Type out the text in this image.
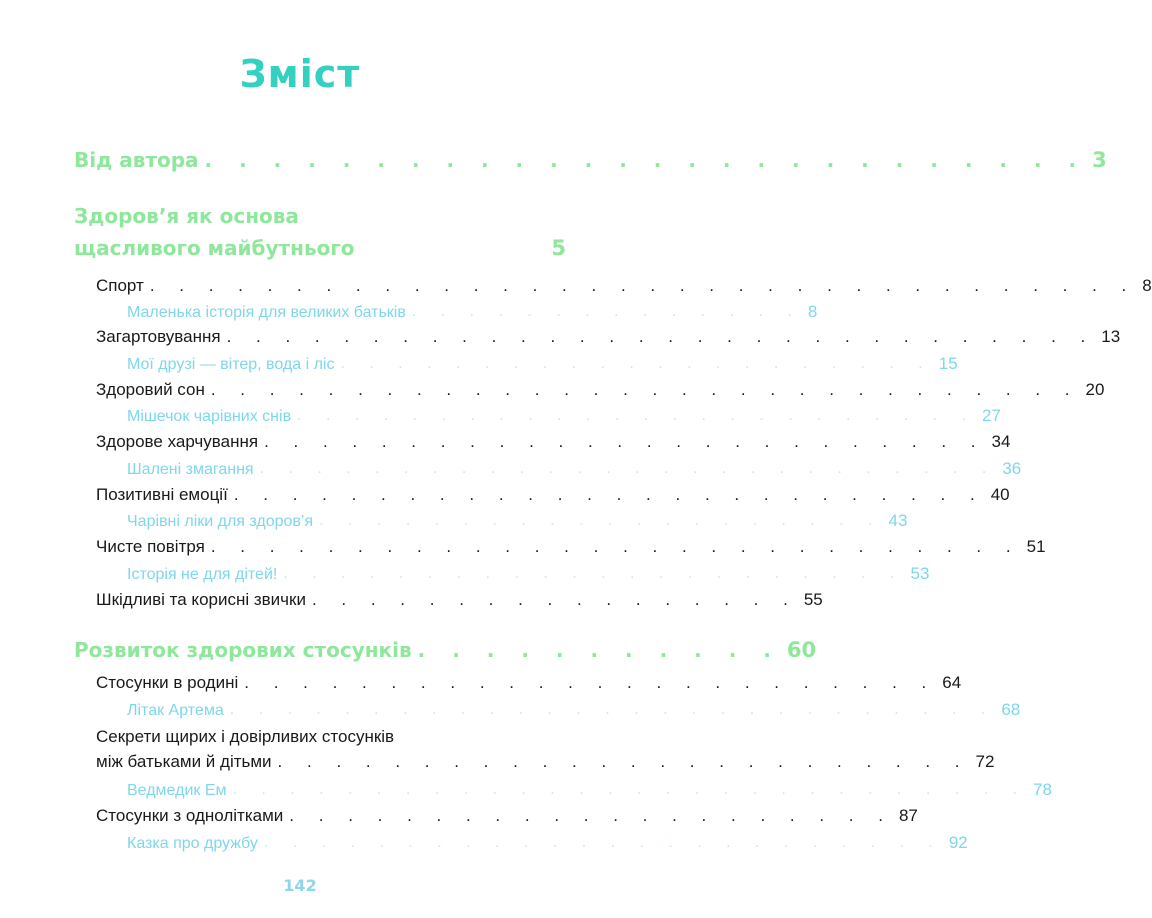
Зміст
Від автора . . . . . . . . . . . . . . . . . . . . . . . . . . 3
Здоров’я як основа
щасливого майбутнього	5
Спорт . . . . . . . . . . . . . . . . . . . . . . . . . . . . . . . . . . 8
Маленька історія для великих батьків . . . . . . . . . . . . . . 8
Загартовування . . . . . . . . . . . . . . . . . . . . . . . . . . . . . . 13
Мої друзі — вітер, вода і ліс . . . . . . . . . . . . . . . . . . . . . 15
Здоровий сон . . . . . . . . . . . . . . . . . . . . . . . . . . . . . . 20
Мішечок чарівних снів . . . . . . . . . . . . . . . . . . . . . . . . 27
Здорове харчування . . . . . . . . . . . . . . . . . . . . . . . . . 34
Шалені змагання . . . . . . . . . . . . . . . . . . . . . . . . . . 36
Позитивні емоції . . . . . . . . . . . . . . . . . . . . . . . . . . 40
Чарівні ліки для здоров’я . . . . . . . . . . . . . . . . . . . . 43
Чисте повітря . . . . . . . . . . . . . . . . . . . . . . . . . . . . 51
Історія не для дітей! . . . . . . . . . . . . . . . . . . . . . . 53
Шкідливі та корисні звички . . . . . . . . . . . . . . . . . 55
Розвиток здорових стосунків . . . . . . . . . . . 60
Стосунки в родині . . . . . . . . . . . . . . . . . . . . . . . . 64
Літак Артема . . . . . . . . . . . . . . . . . . . . . . . . . . . 68
Секрети щирих і довірливих стосунків
між батьками й дітьми . . . . . . . . . . . . . . . . . . . . . . . . 72
Ведмедик Ем . . . . . . . . . . . . . . . . . . . . . . . . . . . . 78
Стосунки з однолітками . . . . . . . . . . . . . . . . . . . . . 87
Казка про дружбу . . . . . . . . . . . . . . . . . . . . . . . . 92
142
